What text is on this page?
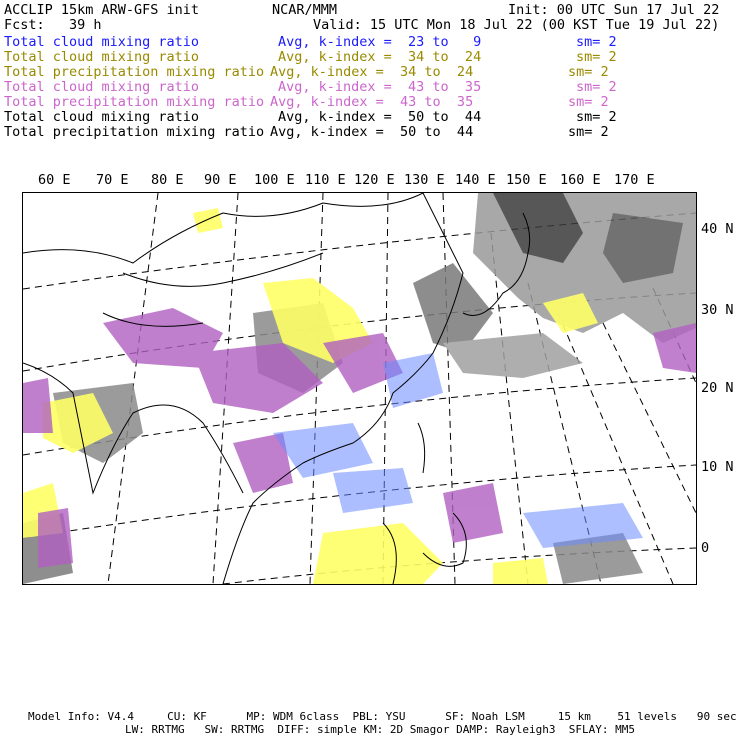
ACCLIP 15km ARW-GFS init	NCAR/MMM	Init: 00 UTC Sun 17 Jul 22
Fcst:   39 h	Valid: 15 UTC Mon 18 Jul 22 (00 KST Tue 19 Jul 22)
Total cloud mixing ratio	Avg, k-index =  23 to   9	sm= 2
Total cloud mixing ratio	Avg, k-index =  34 to  24	sm= 2
Total precipitation mixing ratio Avg, k-index =  34 to  24	sm= 2
Total cloud mixing ratio	Avg, k-index =  43 to  35	sm= 2
Total precipitation mixing ratio Avg, k-index =  43 to  35	sm= 2
Total cloud mixing ratio	Avg, k-index =  50 to  44	sm= 2
Total precipitation mixing ratio Avg, k-index =  50 to  44	sm= 2
60 E 70 E 80 E 90 E 100 E 110 E 120 E 130 E 140 E 150 E 160 E 170 E
40 N
30 N
20 N
10 N
0
Model Info: V4.4     CU: KF      MP: WDM 6class  PBL: YSU      SF: Noah LSM     15 km    51 levels   90 sec
LW: RRTMG   SW: RRTMG  DIFF: simple KM: 2D Smagor DAMP: Rayleigh3  SFLAY: MM5
